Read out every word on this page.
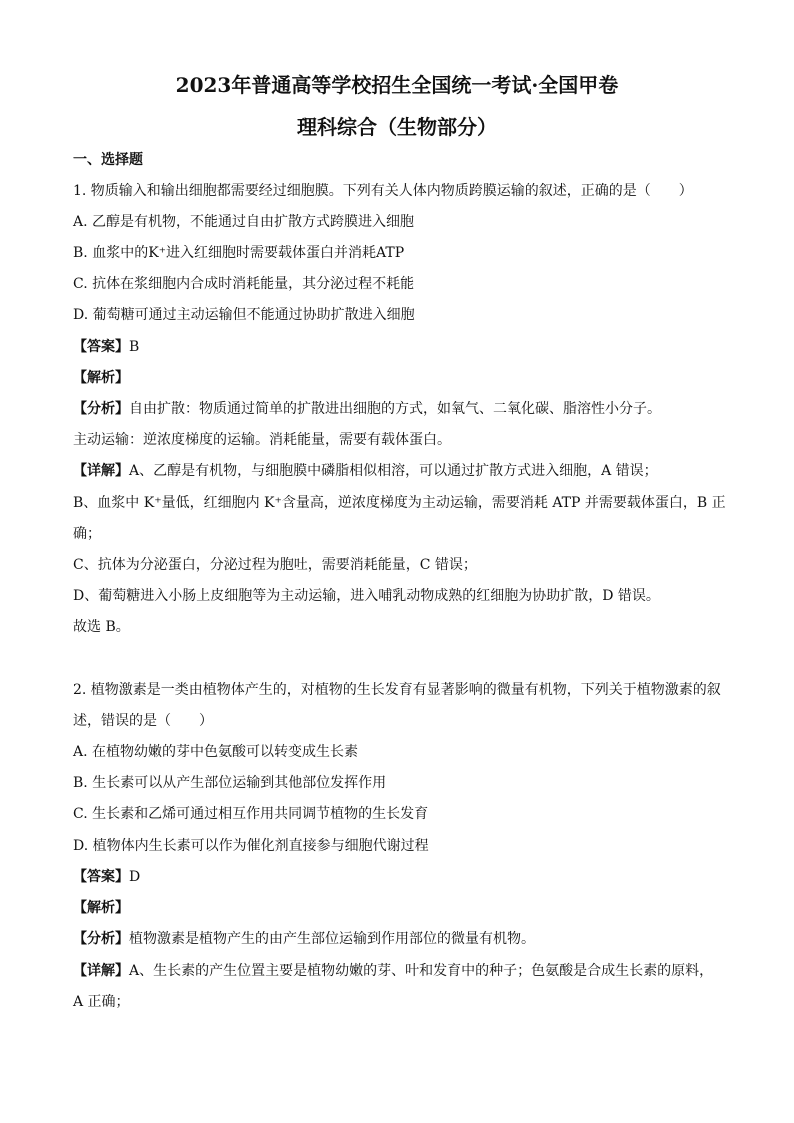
2023年普通高等学校招生全国统一考试·全国甲卷
理科综合（生物部分）
一、选择题
1. 物质输入和输出细胞都需要经过细胞膜。下列有关人体内物质跨膜运输的叙述，正确的是（　　）
A. 乙醇是有机物，不能通过自由扩散方式跨膜进入细胞
B. 血浆中的K⁺进入红细胞时需要载体蛋白并消耗ATP
C. 抗体在浆细胞内合成时消耗能量，其分泌过程不耗能
D. 葡萄糖可通过主动运输但不能通过协助扩散进入细胞
【答案】B
【解析】
【分析】自由扩散：物质通过简单的扩散进出细胞的方式，如氧气、二氧化碳、脂溶性小分子。
主动运输：逆浓度梯度的运输。消耗能量，需要有载体蛋白。
【详解】A、乙醇是有机物，与细胞膜中磷脂相似相溶，可以通过扩散方式进入细胞，A 错误；
B、血浆中 K⁺量低，红细胞内 K⁺含量高，逆浓度梯度为主动运输，需要消耗 ATP 并需要载体蛋白，B 正
确；
C、抗体为分泌蛋白，分泌过程为胞吐，需要消耗能量，C 错误；
D、葡萄糖进入小肠上皮细胞等为主动运输，进入哺乳动物成熟的红细胞为协助扩散，D 错误。
故选 B。
2. 植物激素是一类由植物体产生的，对植物的生长发育有显著影响的微量有机物，下列关于植物激素的叙
述，错误的是（　　）
A. 在植物幼嫩的芽中色氨酸可以转变成生长素
B. 生长素可以从产生部位运输到其他部位发挥作用
C. 生长素和乙烯可通过相互作用共同调节植物的生长发育
D. 植物体内生长素可以作为催化剂直接参与细胞代谢过程
【答案】D
【解析】
【分析】植物激素是植物产生的由产生部位运输到作用部位的微量有机物。
【详解】A、生长素的产生位置主要是植物幼嫩的芽、叶和发育中的种子；色氨酸是合成生长素的原料，
A 正确；
